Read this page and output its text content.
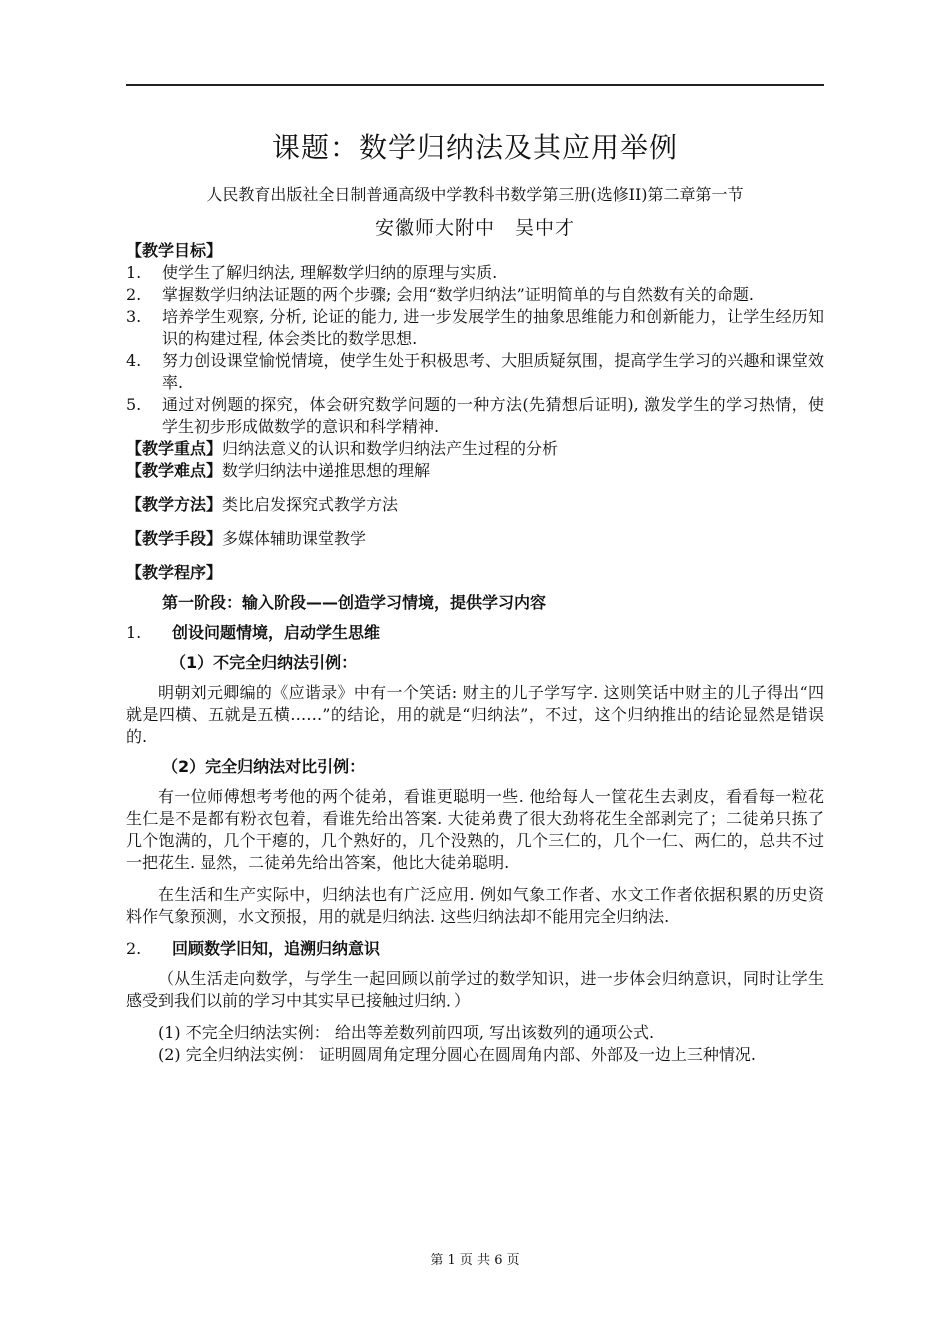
课题：数学归纳法及其应用举例
人民教育出版社全日制普通高级中学教科书数学第三册(选修II)第二章第一节
安徽师大附中　吴中才

【教学目标】

1. 使学生了解归纳法, 理解数学归纳的原理与实质.
2. 掌握数学归纳法证题的两个步骤; 会用“数学归纳法”证明简单的与自然数有关的命题.
3. 培养学生观察, 分析, 论证的能力, 进一步发展学生的抽象思维能力和创新能力，让学生经历知识的构建过程, 体会类比的数学思想.
4. 努力创设课堂愉悦情境，使学生处于积极思考、大胆质疑氛围，提高学生学习的兴趣和课堂效率.
5. 通过对例题的探究，体会研究数学问题的一种方法(先猜想后证明), 激发学生的学习热情，使学生初步形成做数学的意识和科学精神.

【教学重点】归纳法意义的认识和数学归纳法产生过程的分析

【教学难点】数学归纳法中递推思想的理解

【教学方法】类比启发探究式教学方法

【教学手段】多媒体辅助课堂教学

【教学程序】

第一阶段：输入阶段——创造学习情境，提供学习内容

1. 创设问题情境，启动学生思维

（1）不完全归纳法引例：

明朝刘元卿编的《应谐录》中有一个笑话: 财主的儿子学写字. 这则笑话中财主的儿子得出“四就是四横、五就是五横……”的结论，用的就是“归纳法”，不过，这个归纳推出的结论显然是错误的.

（2）完全归纳法对比引例：

有一位师傅想考考他的两个徒弟，看谁更聪明一些. 他给每人一筐花生去剥皮，看看每一粒花生仁是不是都有粉衣包着，看谁先给出答案. 大徒弟费了很大劲将花生全部剥完了；二徒弟只拣了几个饱满的，几个干瘪的，几个熟好的，几个没熟的，几个三仁的，几个一仁、两仁的，总共不过一把花生. 显然，二徒弟先给出答案，他比大徒弟聪明.

在生活和生产实际中，归纳法也有广泛应用. 例如气象工作者、水文工作者依据积累的历史资料作气象预测，水文预报，用的就是归纳法. 这些归纳法却不能用完全归纳法.

2. 回顾数学旧知，追溯归纳意识

（从生活走向数学，与学生一起回顾以前学过的数学知识，进一步体会归纳意识，同时让学生感受到我们以前的学习中其实早已接触过归纳．）

(1) 不完全归纳法实例： 给出等差数列前四项, 写出该数列的通项公式.

(2) 完全归纳法实例： 证明圆周角定理分圆心在圆周角内部、外部及一边上三种情况.

第 1 页 共 6 页
